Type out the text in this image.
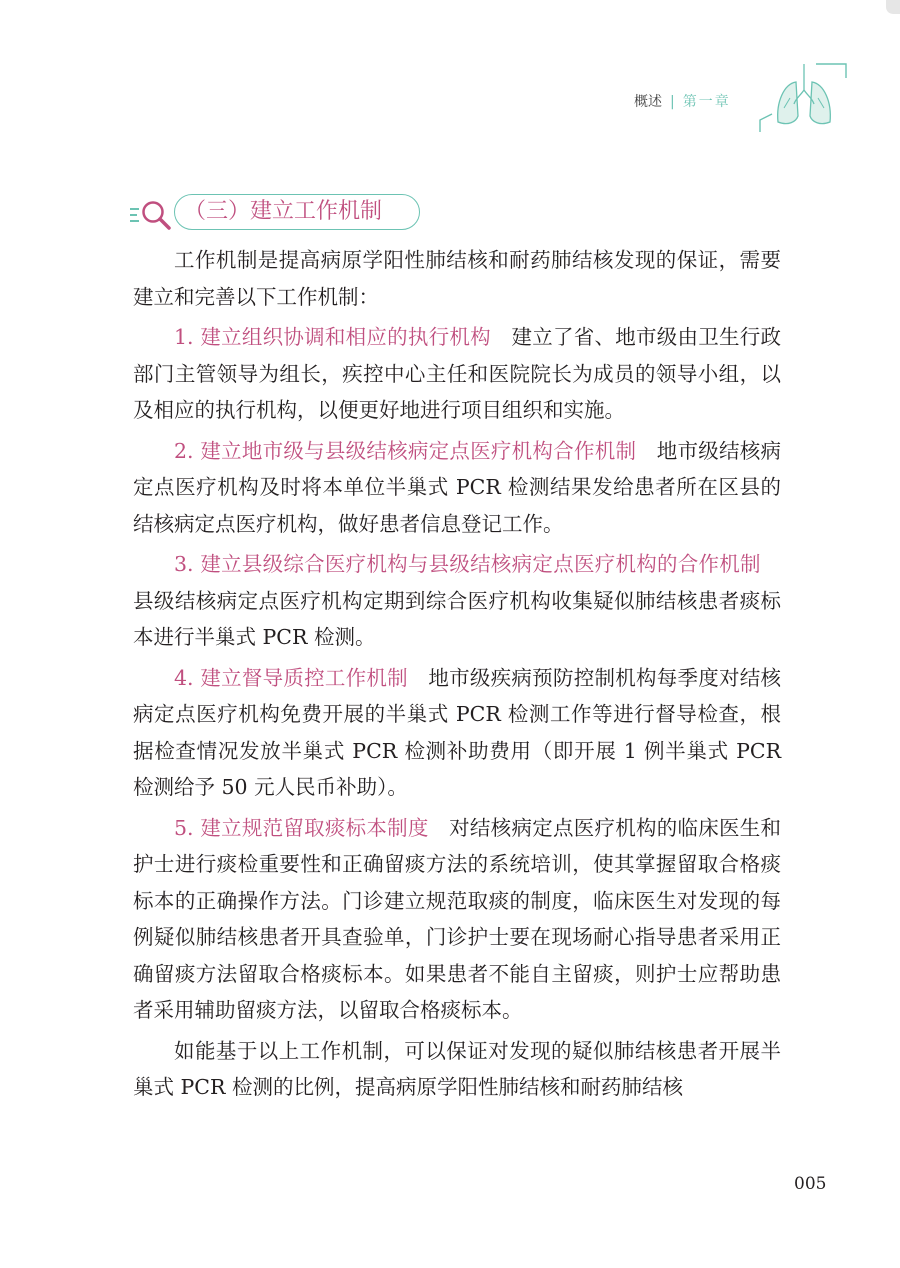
概述 | 第一章
（三）建立工作机制

工作机制是提高病原学阳性肺结核和耐药肺结核发现的保证，需要建立和完善以下工作机制：

1. 建立组织协调和相应的执行机构 建立了省、地市级由卫生行政部门主管领导为组长，疾控中心主任和医院院长为成员的领导小组，以及相应的执行机构，以便更好地进行项目组织和实施。

2. 建立地市级与县级结核病定点医疗机构合作机制 地市级结核病定点医疗机构及时将本单位半巢式 PCR 检测结果发给患者所在区县的结核病定点医疗机构，做好患者信息登记工作。

3. 建立县级综合医疗机构与县级结核病定点医疗机构的合作机制县级结核病定点医疗机构定期到综合医疗机构收集疑似肺结核患者痰标本进行半巢式 PCR 检测。

4. 建立督导质控工作机制 地市级疾病预防控制机构每季度对结核病定点医疗机构免费开展的半巢式 PCR 检测工作等进行督导检查，根据检查情况发放半巢式 PCR 检测补助费用（即开展 1 例半巢式 PCR 检测给予 50 元人民币补助）。

5. 建立规范留取痰标本制度 对结核病定点医疗机构的临床医生和护士进行痰检重要性和正确留痰方法的系统培训，使其掌握留取合格痰标本的正确操作方法。门诊建立规范取痰的制度，临床医生对发现的每例疑似肺结核患者开具查验单，门诊护士要在现场耐心指导患者采用正确留痰方法留取合格痰标本。如果患者不能自主留痰，则护士应帮助患者采用辅助留痰方法，以留取合格痰标本。

如能基于以上工作机制，可以保证对发现的疑似肺结核患者开展半巢式 PCR 检测的比例，提高病原学阳性肺结核和耐药肺结核

005
